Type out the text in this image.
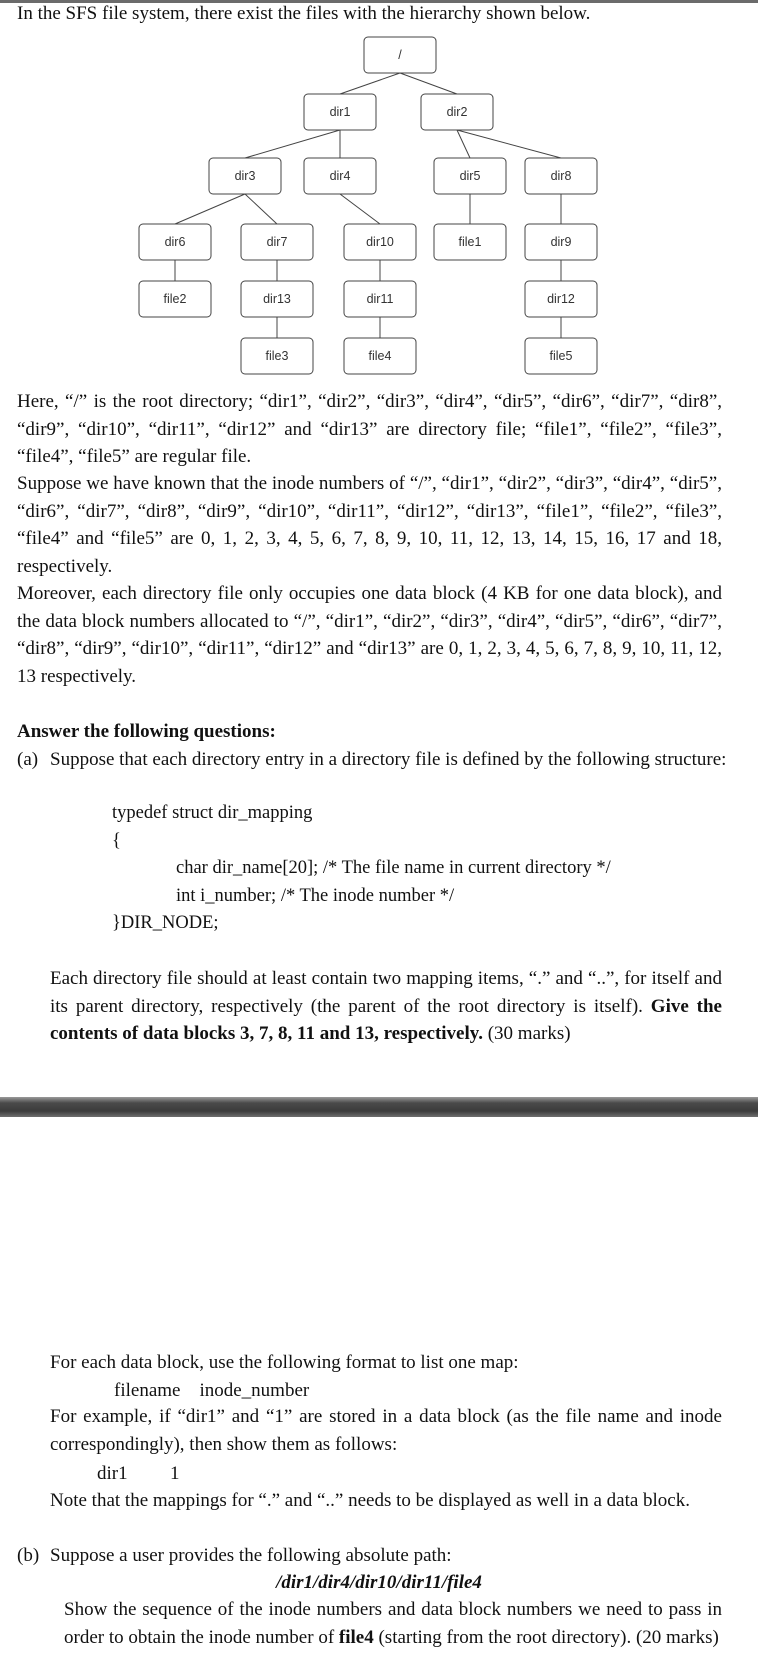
In the SFS file system, there exist the files with the hierarchy shown below.

/
dir1	dir2
dir3	dir4	dir5	dir8
dir6	dir7	dir10	file1	dir9
file2	dir13	dir11	dir12
file3	file4	file5

Here, “/” is the root directory; “dir1”, “dir2”, “dir3”, “dir4”, “dir5”, “dir6”, “dir7”, “dir8”, “dir9”, “dir10”, “dir11”, “dir12” and “dir13” are directory file; “file1”, “file2”, “file3”, “file4”, “file5” are regular file.

Suppose we have known that the inode numbers of “/”, “dir1”, “dir2”, “dir3”, “dir4”, “dir5”, “dir6”, “dir7”, “dir8”, “dir9”, “dir10”, “dir11”, “dir12”, “dir13”, “file1”, “file2”, “file3”, “file4” and “file5” are 0, 1, 2, 3, 4, 5, 6, 7, 8, 9, 10, 11, 12, 13, 14, 15, 16, 17 and 18, respectively.

Moreover, each directory file only occupies one data block (4 KB for one data block), and the data block numbers allocated to “/”, “dir1”, “dir2”, “dir3”, “dir4”, “dir5”, “dir6”, “dir7”, “dir8”, “dir9”, “dir10”, “dir11”, “dir12” and “dir13” are 0, 1, 2, 3, 4, 5, 6, 7, 8, 9, 10, 11, 12, 13 respectively.

Answer the following questions:

(a) Suppose that each directory entry in a directory file is defined by the following structure:

typedef struct dir_mapping

{

char dir_name[20]; /* The file name in current directory */

int i_number; /* The inode number */

}DIR_NODE;

Each directory file should at least contain two mapping items, “.” and “..”, for itself and its parent directory, respectively (the parent of the root directory is itself). Give the contents of data blocks 3, 7, 8, 11 and 13, respectively. (30 marks)

For each data block, use the following format to list one map:

filename    inode_number

For example, if “dir1” and “1” are stored in a data block (as the file name and inode correspondingly), then show them as follows:

dir1 1

Note that the mappings for “.” and “..” needs to be displayed as well in a data block.

(b) Suppose a user provides the following absolute path:

/dir1/dir4/dir10/dir11/file4

Show the sequence of the inode numbers and data block numbers we need to pass in order to obtain the inode number of file4 (starting from the root directory). (20 marks)
